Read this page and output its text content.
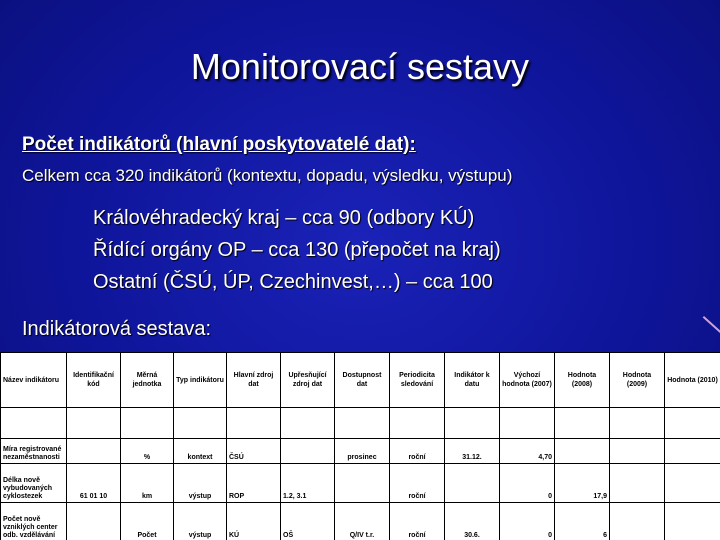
Monitorovací sestavy
Počet indikátorů (hlavní poskytovatelé dat):
Celkem cca 320 indikátorů (kontextu, dopadu, výsledku, výstupu)
Královéhradecký kraj – cca 90 (odbory KÚ)
Řídící orgány OP – cca 130 (přepočet na kraj)
Ostatní (ČSÚ, ÚP, Czechinvest,…) – cca 100
Indikátorová sestava:
Název indikátoru	Identifikační kód	Měrná jednotka	Typ indikátoru	Hlavní zdroj dat	Upřesňující zdroj dat	Dostupnost dat	Periodicita sledování	Indikátor k datu	Výchozí hodnota (2007)	Hodnota (2008)	Hodnota (2009)	Hodnota (2010)

Míra registrované nezaměstnanosti		%	kontext	ČSÚ		prosinec	roční	31.12.	4,70			
Délka nově vybudovaných cyklostezek	61 01 10	km	výstup	ROP	1.2, 3.1		roční		0	17,9		
Počet nově vzniklých center odb. vzdělávání		Počet	výstup	KÚ	OŠ	Q/IV t.r.	roční	30.6.	0	6		
